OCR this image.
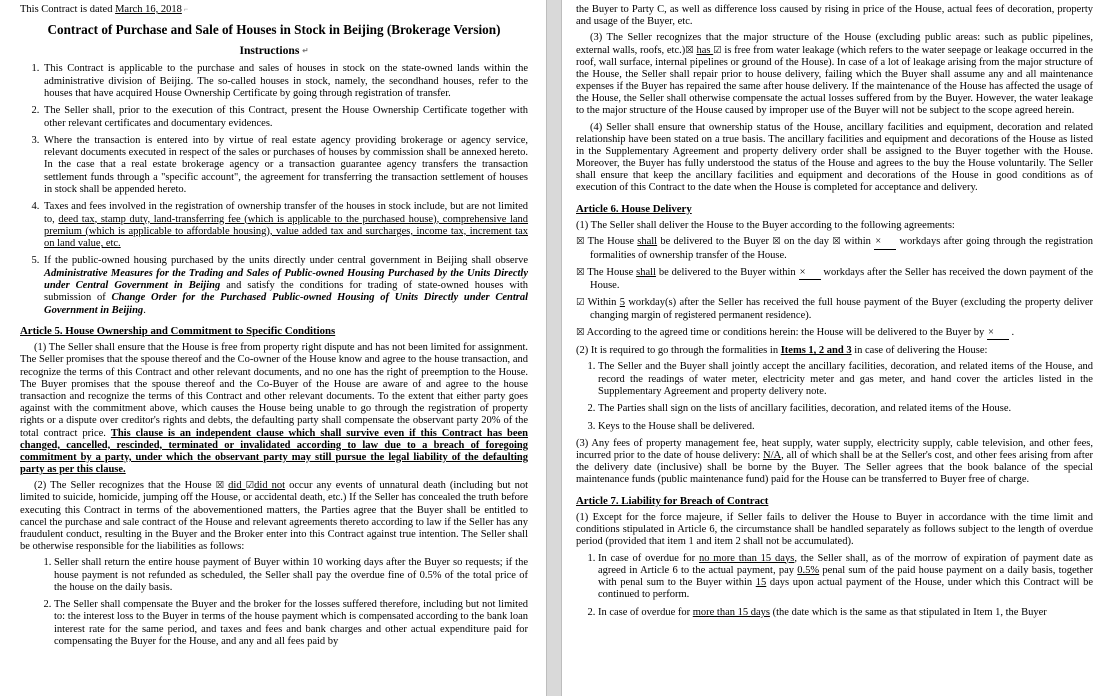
This Contract is dated March 16, 2018 ⌐

Contract of Purchase and Sale of Houses in Stock in Beijing (Brokerage Version)

Instructions ↵

1. This Contract is applicable to the purchase and sales of houses in stock on the state-owned lands within the administrative division of Beijing. The so-called houses in stock, namely, the secondhand houses, refer to the houses that have acquired House Ownership Certificate by going through registration of transfer.
2. The Seller shall, prior to the execution of this Contract, present the House Ownership Certificate together with other relevant certificates and documentary evidences.
3. Where the transaction is entered into by virtue of real estate agency providing brokerage or agency service, relevant documents executed in respect of the sales or purchases of houses by commission shall be annexed hereto. In the case that a real estate brokerage agency or a transaction guarantee agency transfers the transaction settlement funds through a "specific account", the agreement for transferring the transaction settlement of houses in stock shall be appended hereto.
4. Taxes and fees involved in the registration of ownership transfer of the houses in stock include, but are not limited to, deed tax, stamp duty, land-transferring fee (which is applicable to the purchased house), comprehensive land premium (which is applicable to affordable housing), value added tax and surcharges, income tax, increment tax on land value, etc.
5. If the public-owned housing purchased by the units directly under central government in Beijing shall observe Administrative Measures for the Trading and Sales of Public-owned Housing Purchased by the Units Directly under Central Government in Beijing and satisfy the conditions for trading of state-owned houses with submission of Change Order for the Purchased Public-owned Housing of Units Directly under Central Government in Beijing.

Article 5. House Ownership and Commitment to Specific Conditions

(1) The Seller shall ensure that the House is free from property right dispute and has not been limited for assignment. The Seller promises that the spouse thereof and the Co-owner of the House know and agree to the house transaction, and recognize the terms of this Contract and other relevant documents, and no one has the right of preemption to the House. The Buyer promises that the spouse thereof and the Co-Buyer of the House are aware of and agree to the house transaction and recognize the terms of this Contract and other relevant documents. To the extent that either party goes against with the commitment above, which causes the House being unable to go through the registration of property rights or a dispute over creditor's rights and debts, the defaulting party shall compensate the observant party 20% of the total contract price. This clause is an independent clause which shall survive even if this Contract has been changed, cancelled, rescinded, terminated or invalidated according to law due to a breach of foregoing commitment by a party, under which the observant party may still pursue the legal liability of the defaulting party as per this clause.

(2) The Seller recognizes that the House ☒ did ☑did not occur any events of unnatural death (including but not limited to suicide, homicide, jumping off the House, or accidental death, etc.) If the Seller has concealed the truth before executing this Contract in terms of the abovementioned matters, the Parties agree that the Buyer shall be entitled to cancel the purchase and sale contract of the House and relevant agreements thereto according to law if the Seller has any fraudulent conduct, resulting in the Buyer and the Broker enter into this Contract against true intention. The Seller shall be otherwise responsible for the liabilities as follows:

1. Seller shall return the entire house payment of Buyer within 10 working days after the Buyer so requests; if the house payment is not refunded as scheduled, the Seller shall pay the overdue fine of 0.5% of the total price of the house on the daily basis.
2. The Seller shall compensate the Buyer and the broker for the losses suffered therefore, including but not limited to: the interest loss to the Buyer in terms of the house payment which is compensated according to the bank loan interest rate for the same period, and taxes and fees and bank charges and other actual expenditure paid for compensating the Buyer for the House, and any and all fees paid by

the Buyer to Party C, as well as difference loss caused by rising in price of the House, actual fees of decoration, property and usage of the Buyer, etc.

(3) The Seller recognizes that the major structure of the House (excluding public areas: such as public pipelines, external walls, roofs, etc.)☒ has ☑ is free from water leakage (which refers to the water seepage or leakage occurred in the roof, wall surface, internal pipelines or ground of the House). In case of a lot of leakage arising from the major structure of the House, the Seller shall repair prior to house delivery, failing which the Buyer shall assume any and all maintenance expenses if the Buyer has repaired the same after house delivery. If the maintenance of the House has affected the usage of the House, the Seller shall otherwise compensate the actual losses suffered from by the Buyer. However, the water leakage to the major structure of the House caused by improper use of the Buyer will not be subject to the scope agreed herein.

(4) Seller shall ensure that ownership status of the House, ancillary facilities and equipment, decoration and related relationship have been stated on a true basis. The ancillary facilities and equipment and decorations of the House as listed in the Supplementary Agreement and property delivery order shall be assigned to the Buyer together with the House. Moreover, the Buyer has fully understood the status of the House and agrees to the buy the House voluntarily. The Seller shall ensure that keep the ancillary facilities and equipment and decorations of the House in good conditions as of execution of this Contract to the date when the House is completed for acceptance and delivery.

Article 6. House Delivery

(1) The Seller shall deliver the House to the Buyer according to the following agreements:

☒ The House shall be delivered to the Buyer ☒ on the day ☒ within × workdays after going through the registration formalities of ownership transfer of the House.
☒ The House shall be delivered to the Buyer within × workdays after the Seller has received the down payment of the House.
☑ Within 5 workday(s) after the Seller has received the full house payment of the Buyer (excluding the property deliver changing margin of registered permanent residence).
☒ According to the agreed time or conditions herein: the House will be delivered to the Buyer by × .

(2) It is required to go through the formalities in Items 1, 2 and 3 in case of delivering the House:

1. The Seller and the Buyer shall jointly accept the ancillary facilities, decoration, and related items of the House, and record the readings of water meter, electricity meter and gas meter, and hand cover the articles listed in the Supplementary Agreement and property delivery note.
2. The Parties shall sign on the lists of ancillary facilities, decoration, and related items of the House.
3. Keys to the House shall be delivered.

(3) Any fees of property management fee, heat supply, water supply, electricity supply, cable television, and other fees, incurred prior to the date of house delivery: N/A, all of which shall be at the Seller's cost, and other fees arising from after the delivery date (inclusive) shall be borne by the Buyer. The Seller agrees that the book balance of the special maintenance funds (public maintenance fund) paid for the House can be transferred to Buyer free of charge.

Article 7. Liability for Breach of Contract

(1) Except for the force majeure, if Seller fails to deliver the House to Buyer in accordance with the time limit and conditions stipulated in Article 6, the circumstance shall be handled separately as follows subject to the length of overdue period (provided that item 1 and item 2 shall not be accumulated).

1. In case of overdue for no more than 15 days, the Seller shall, as of the morrow of expiration of payment date as agreed in Article 6 to the actual payment, pay 0.5% penal sum of the paid house payment on a daily basis, together with penal sum to the Buyer within 15 days upon actual payment of the House, under which this Contract will be continued to perform.
2. In case of overdue for more than 15 days (the date which is the same as that stipulated in Item 1, the Buyer
